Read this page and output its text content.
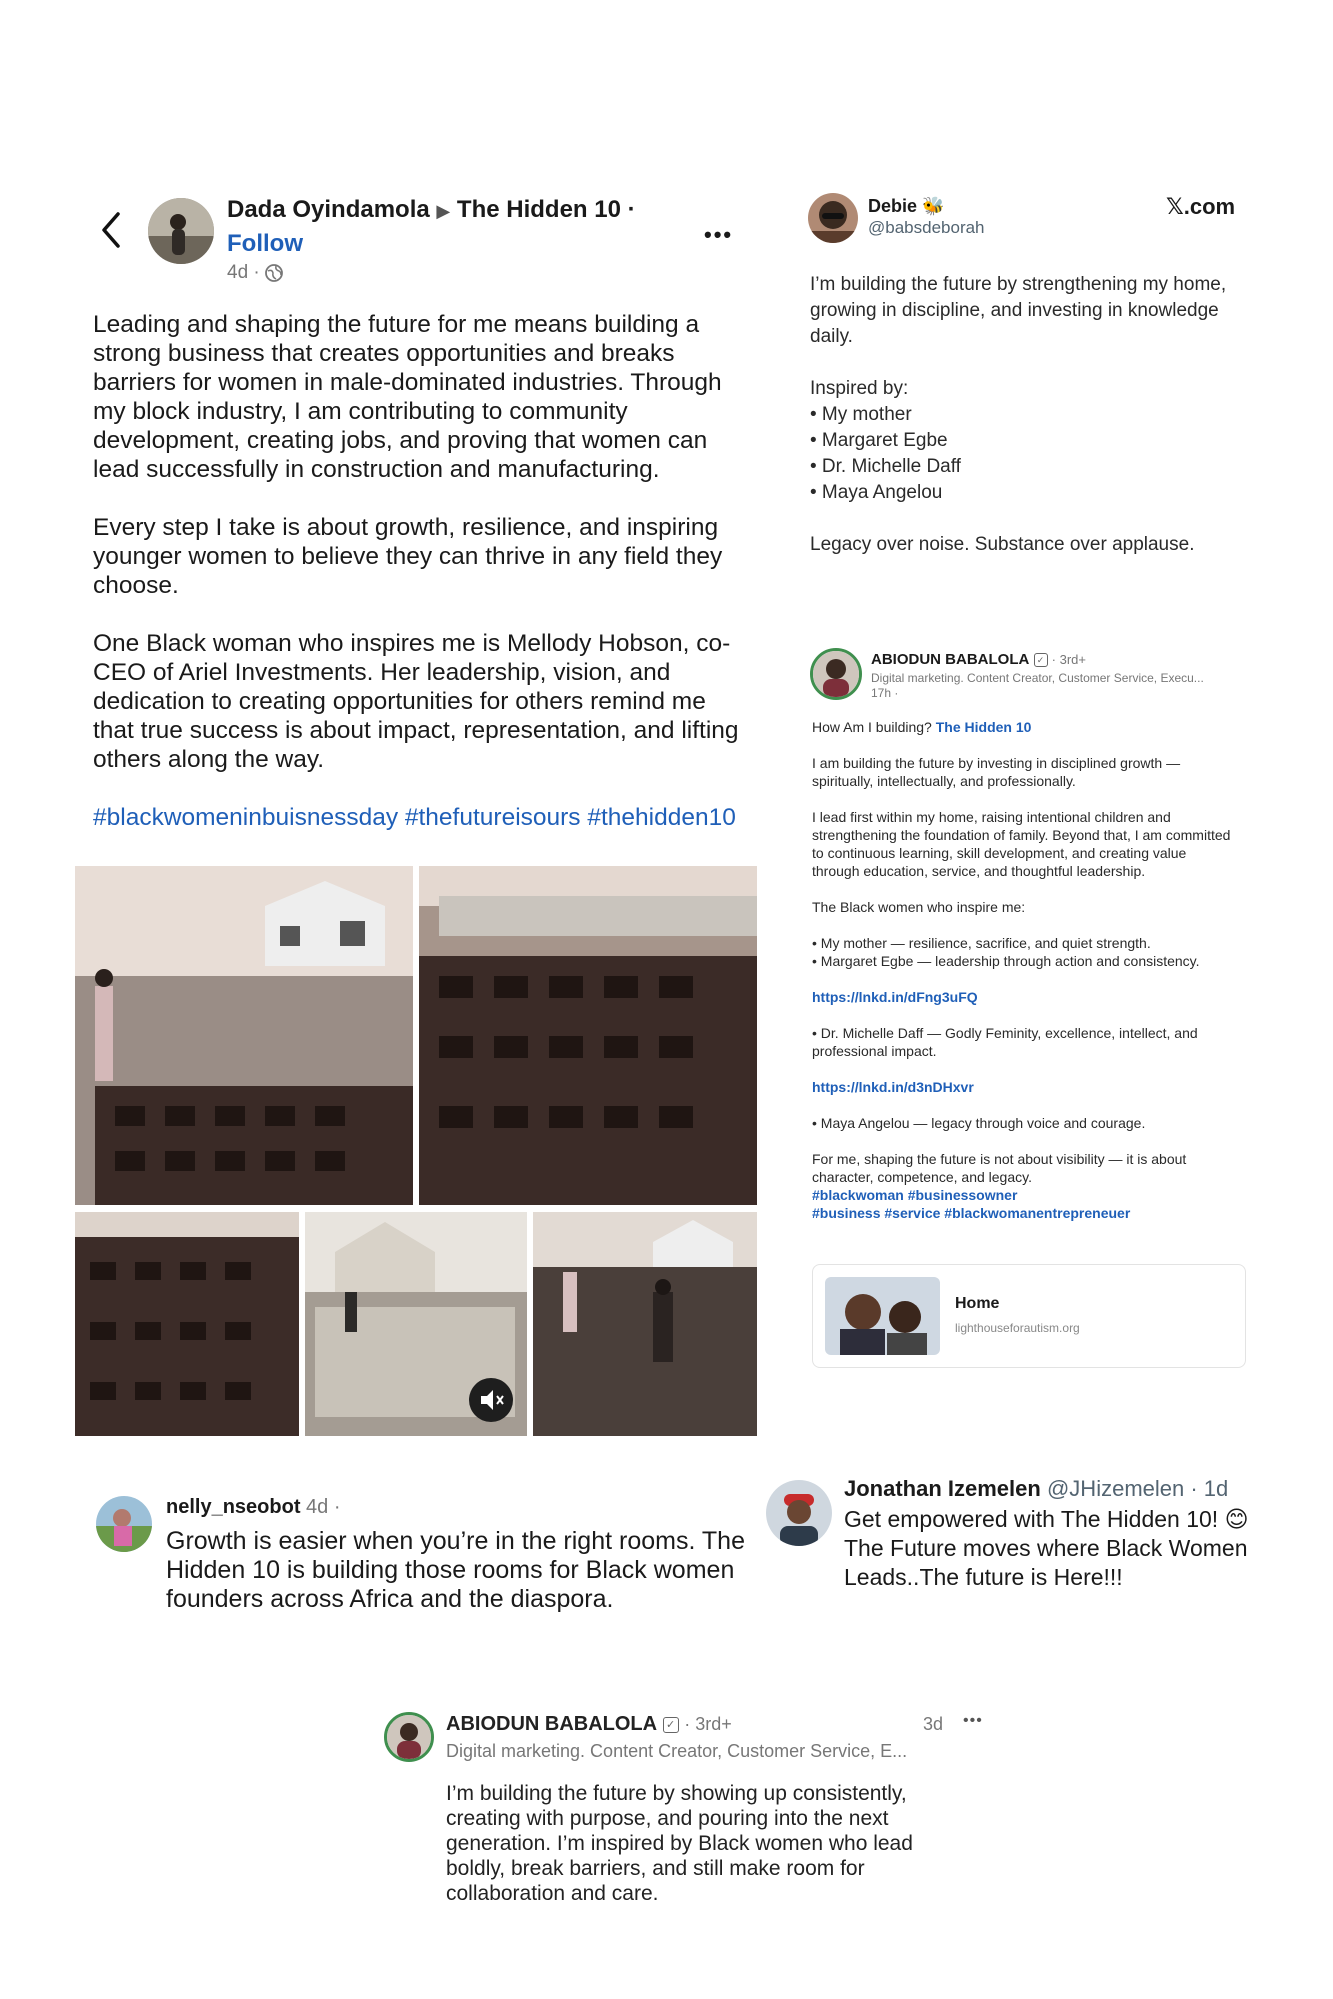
Dada Oyindamola ▶ The Hidden 10 ·
Follow
4d ·
•••

Leading and shaping the future for me means building a strong business that creates opportunities and breaks barriers for women in male-dominated industries. Through my block industry, I am contributing to community development, creating jobs, and proving that women can lead successfully in construction and manufacturing.

Every step I take is about growth, resilience, and inspiring younger women to believe they can thrive in any field they choose.

One Black woman who inspires me is Mellody Hobson, co-CEO of Ariel Investments. Her leadership, vision, and dedication to creating opportunities for others remind me that true success is about impact, representation, and lifting others along the way.

#blackwomeninbuisnessday #thefutureisours #thehidden10

Debie 🐝
@babsdeborah
𝕏.com

I’m building the future by strengthening my home, growing in discipline, and investing in knowledge daily.

Inspired by:
• My mother
• Margaret Egbe
• Dr. Michelle Daff
• Maya Angelou

Legacy over noise. Substance over applause.

ABIODUN BABALOLA ✓ · 3rd+
Digital marketing. Content Creator, Customer Service, Execu...
17h ·

How Am I building? The Hidden 10

I am building the future by investing in disciplined growth — spiritually, intellectually, and professionally.

I lead first within my home, raising intentional children and strengthening the foundation of family. Beyond that, I am committed to continuous learning, skill development, and creating value through education, service, and thoughtful leadership.

The Black women who inspire me:

• My mother — resilience, sacrifice, and quiet strength.

• Margaret Egbe — leadership through action and consistency.

https://lnkd.in/dFng3uFQ

• Dr. Michelle Daff — Godly Feminity, excellence, intellect, and professional impact.

https://lnkd.in/d3nDHxvr

• Maya Angelou — legacy through voice and courage.

For me, shaping the future is not about visibility — it is about character, competence, and legacy.

#blackwoman #businessowner
#business #service #blackwomanentrepreneuer
Home
lighthouseforautism.org
nelly_nseobot 4d ·
Growth is easier when you’re in the right rooms. The Hidden 10 is building those rooms for Black women founders across Africa and the diaspora.
Jonathan Izemelen @JHizemelen · 1d
Get empowered with The Hidden 10! 😊 The Future moves where Black Women Leads..The future is Here!!!
ABIODUN BABALOLA ✓ · 3rd+	3d •••
Digital marketing. Content Creator, Customer Service, E...
I’m building the future by showing up consistently, creating with purpose, and pouring into the next generation. I’m inspired by Black women who lead boldly, break barriers, and still make room for collaboration and care.
